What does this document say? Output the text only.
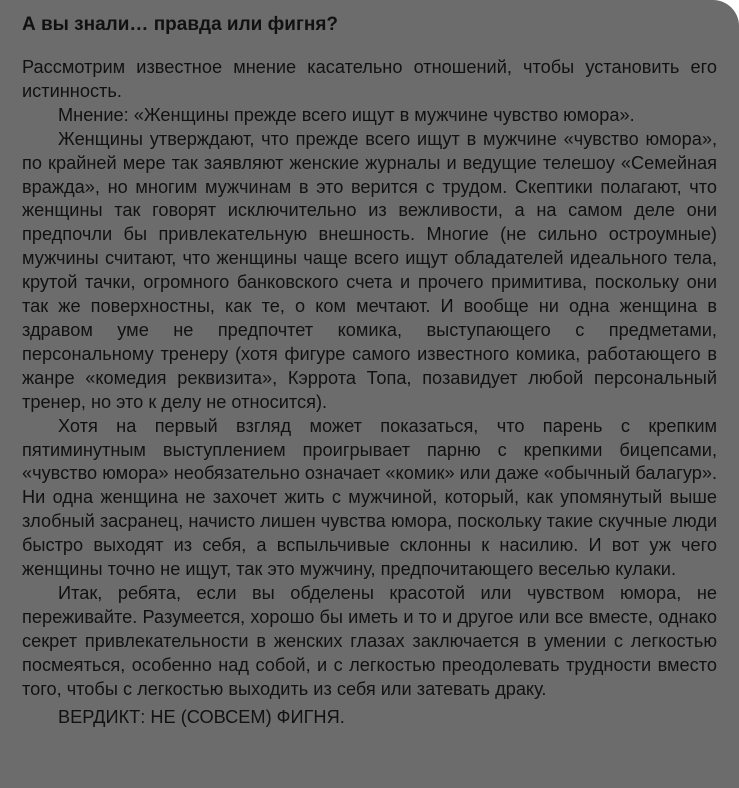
А вы знали… правда или фигня?

Рассмотрим известное мнение касательно отношений, чтобы установить его истинность.

Мнение: «Женщины прежде всего ищут в мужчине чувство юмора».

Женщины утверждают, что прежде всего ищут в мужчине «чувство юмора», по крайней мере так заявляют женские журналы и ведущие телешоу «Семейная вражда», но многим мужчинам в это верится с трудом. Скептики полагают, что женщины так говорят исключительно из вежливости, а на самом деле они предпочли бы привлекательную внешность. Многие (не сильно остроумные) мужчины считают, что женщины чаще всего ищут обладателей идеального тела, крутой тачки, огромного банковского счета и прочего примитива, поскольку они так же поверхностны, как те, о ком мечтают. И вообще ни одна женщина в здравом уме не предпочтет комика, выступающего с предметами, персональному тренеру (хотя фигуре самого известного комика, работающего в жанре «комедия реквизита», Кэррота Топа, позавидует любой персональный тренер, но это к делу не относится).

Хотя на первый взгляд может показаться, что парень с крепким пятиминутным выступлением проигрывает парню с крепкими бицепсами, «чувство юмора» необязательно означает «комик» или даже «обычный балагур». Ни одна женщина не захочет жить с мужчиной, который, как упомянутый выше злобный засранец, начисто лишен чувства юмора, поскольку такие скучные люди быстро выходят из себя, а вспыльчивые склонны к насилию. И вот уж чего женщины точно не ищут, так это мужчину, предпочитающего веселью кулаки.

Итак, ребята, если вы обделены красотой или чувством юмора, не переживайте. Разумеется, хорошо бы иметь и то и другое или все вместе, однако секрет привлекательности в женских глазах заключается в умении с легкостью посмеяться, особенно над собой, и с легкостью преодолевать трудности вместо того, чтобы с легкостью выходить из себя или затевать драку.

ВЕРДИКТ: НЕ (СОВСЕМ) ФИГНЯ.
